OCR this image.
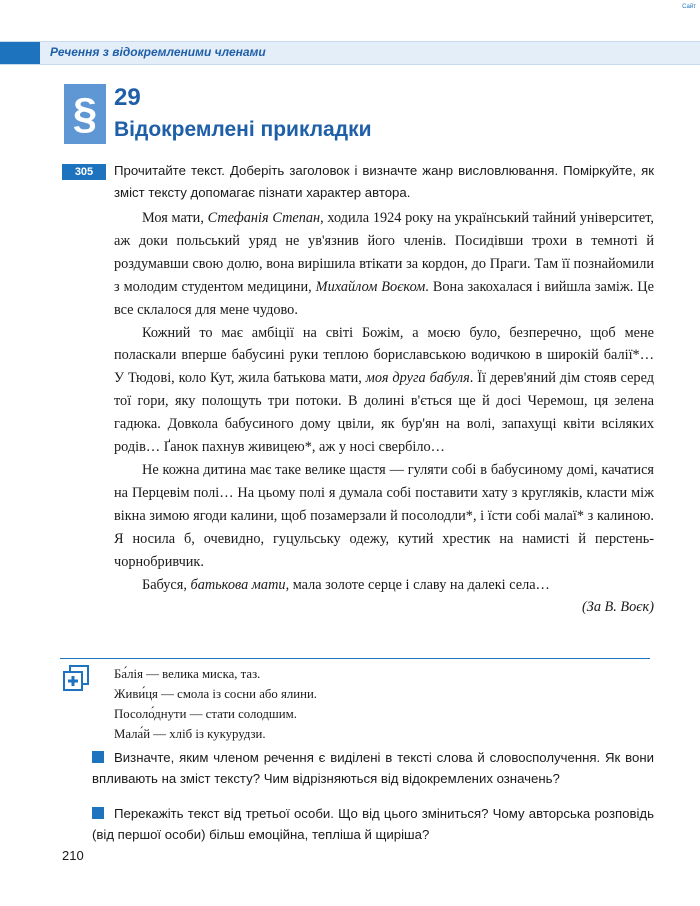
Сайт
Речення з відокремленими членами
§ 29
Відокремлені прикладки
305	Прочитайте текст. Доберіть заголовок і визначте жанр висловлювання. Поміркуйте, як зміст тексту допомагає пізнати характер автора.

Моя мати, Стефанія Степан, ходила 1924 року на український тайний університет, аж доки польський уряд не ув'язнив його членів. Посидівши трохи в темноті й роздумавши свою долю, вона вирішила втікати за кордон, до Праги. Там її познайомили з молодим студентом медицини, Михайлом Воєком. Вона закохалася і вийшла заміж. Це все склалося для мене чудово.

Кожний то має амбіції на світі Божім, а моєю було, безперечно, щоб мене поласкали вперше бабусині руки теплою бориславською водичкою в широкій балії*… У Тюдові, коло Кут, жила батькова мати, моя друга бабуля. Її дерев'яний дім стояв серед тої гори, яку полощуть три потоки. В долині в'ється ще й досі Черемош, ця зелена гадюка. Довкола бабусиного дому цвіли, як бур'ян на волі, запахущі квіти всіляких родів… Ґанок пахнув живицею*, аж у носі свербіло…

Не кожна дитина має таке велике щастя — гуляти собі в бабусиному домі, качатися на Перцевім полі… На цьому полі я думала собі поставити хату з кругляків, класти між вікна зимою ягоди калини, щоб позамерзали й посолодли*, і їсти собі малаї* з калиною. Я носила б, очевидно, гуцульську одежу, кутий хрестик на намисті й перстень-чорнобривчик.

Бабуся, батькова мати, мала золоте серце і славу на далекі села…

(За В. Воєк)

Ба́лія — велика миска, таз.
Живи́ця — смола із сосни або ялини.
Посоло́днути — стати солодшим.
Мала́й — хліб із кукурудзи.
Визначте, яким членом речення є виділені в тексті слова й словосполучення. Як вони впливають на зміст тексту? Чим відрізняються від відокремлених означень?
Перекажіть текст від третьої особи. Що від цього зміниться? Чому авторська розповідь (від першої особи) більш емоційна, тепліша й щиріша?
210
